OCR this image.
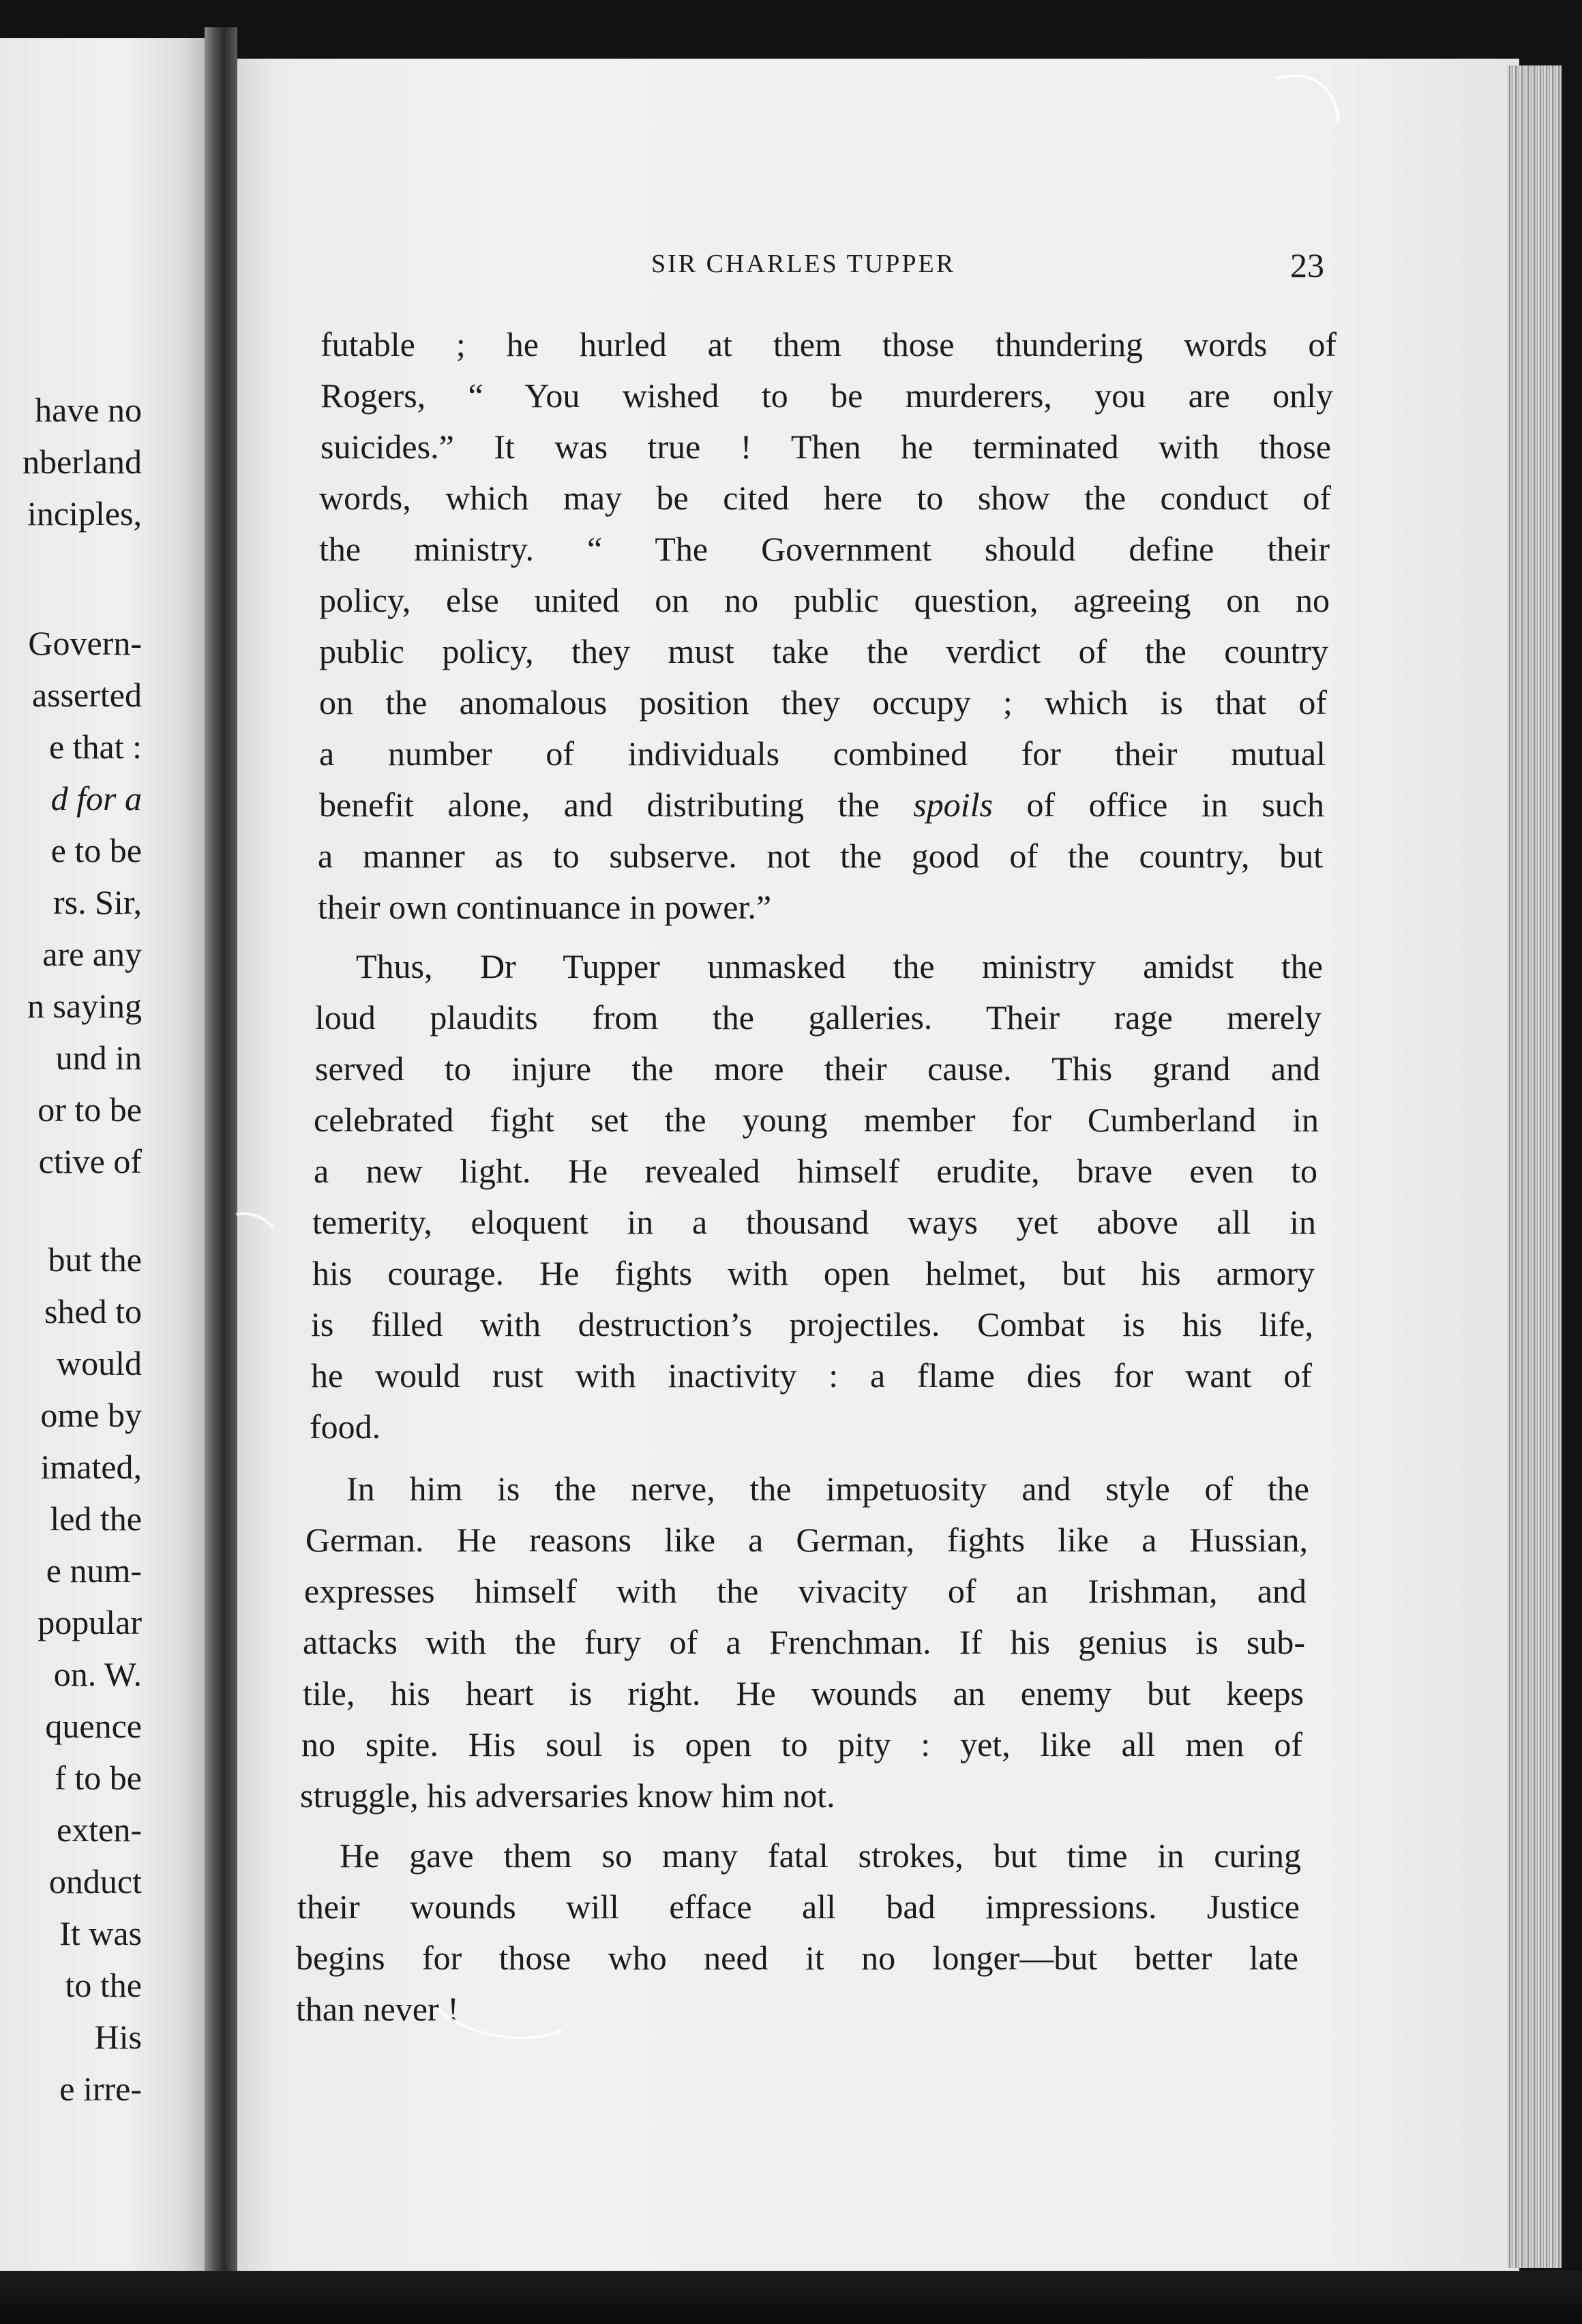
have no
nberland
inciples,
Govern-
asserted
e that :
d for a
e to be
rs. Sir,
are any
n saying
und in
or to be
ctive of
but the
shed to
would
ome by
imated,
led the
e num-
popular
on. W.
quence
f to be
exten-
onduct
It was
to the
His
e irre-
SIR CHARLES TUPPER	23
futable ; he hurled at them those thundering words of
Rogers, “ You wished to be murderers, you are only
suicides.” It was true ! Then he terminated with those
words, which may be cited here to show the conduct of
the ministry. “ The Government should define their
policy, else united on no public question, agreeing on no
public policy, they must take the verdict of the country
on the anomalous position they occupy ; which is that of
a number of individuals combined for their mutual
benefit alone, and distributing the spoils of office in such
a manner as to subserve. not the good of the country, but
their own continuance in power.”
Thus, Dr Tupper unmasked the ministry amidst the
loud plaudits from the galleries. Their rage merely
served to injure the more their cause. This grand and
celebrated fight set the young member for Cumberland in
a new light. He revealed himself erudite, brave even to
temerity, eloquent in a thousand ways yet above all in
his courage. He fights with open helmet, but his armory
is filled with destruction’s projectiles. Combat is his life,
he would rust with inactivity : a flame dies for want of
food.
In him is the nerve, the impetuosity and style of the
German. He reasons like a German, fights like a Hussian,
expresses himself with the vivacity of an Irishman, and
attacks with the fury of a Frenchman. If his genius is sub-
tile, his heart is right. He wounds an enemy but keeps
no spite. His soul is open to pity : yet, like all men of
struggle, his adversaries know him not.
He gave them so many fatal strokes, but time in curing
their wounds will efface all bad impressions. Justice
begins for those who need it no longer—but better late
than never !
